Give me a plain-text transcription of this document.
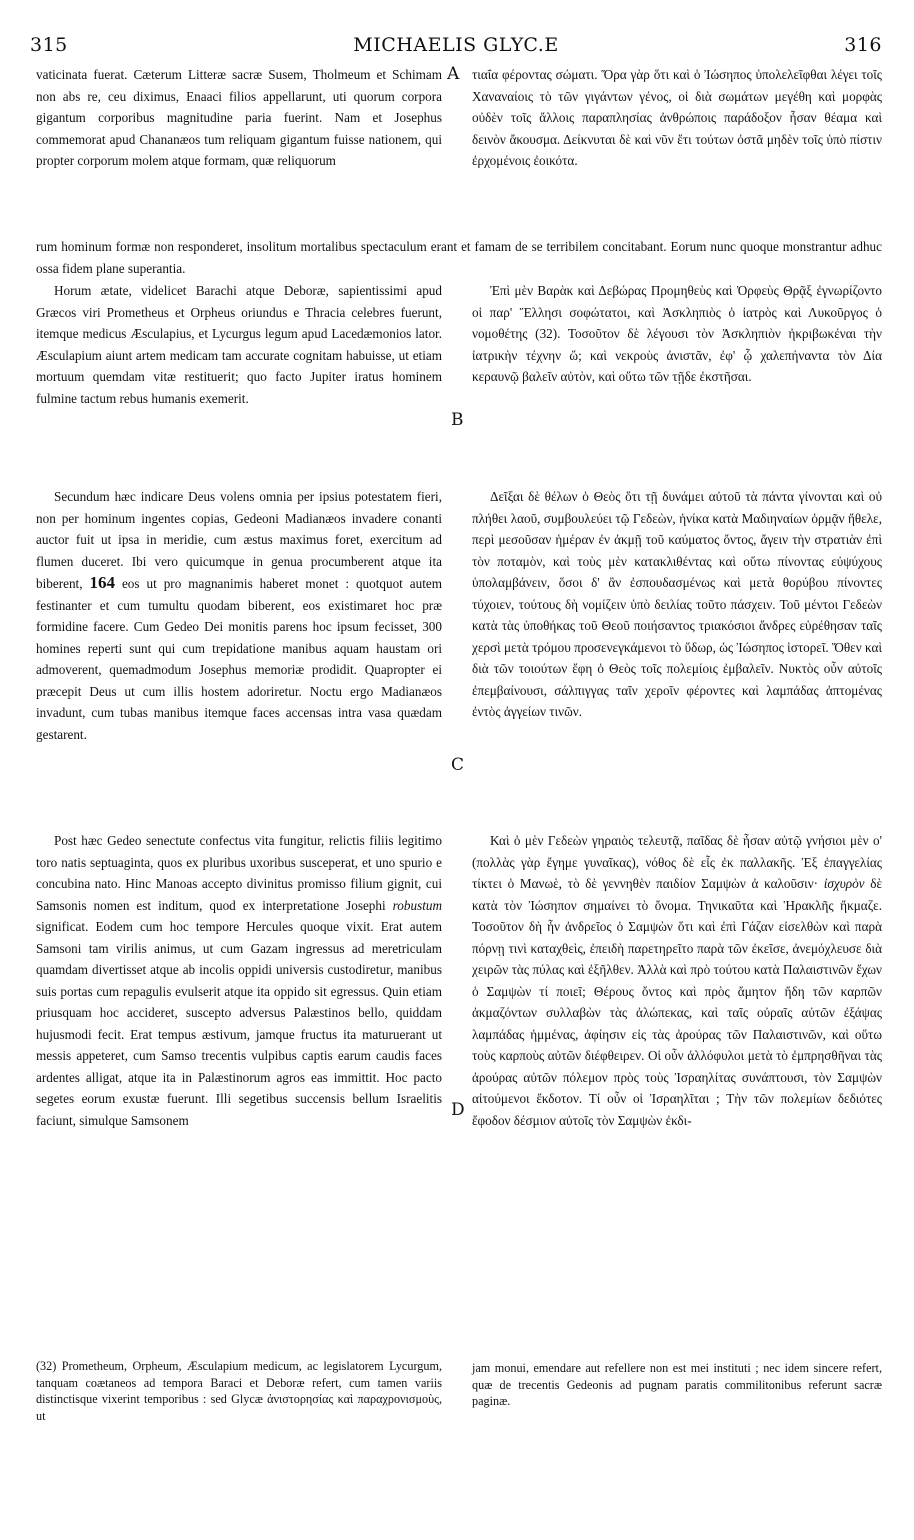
315	MICHAELIS GLYC.E	316

vaticinata fuerat. Cæterum Litteræ sacræ Susem, Tholmeum et Schimam non abs re, ceu diximus, Enaaci filios appellarunt, uti quorum corpora gigantum corporibus magnitudine paria fuerint. Nam et Josephus commemorat apud Chananæos tum reliquam gigantum fuisse nationem, qui propter corporum molem atque formam, quæ reliquorum

A τιαΐα φέροντας σώματι. Ὅρα γὰρ ὅτι καὶ ὁ Ἰώσηπος ὑπολελεῖφθαι λέγει τοῖς Χαναναίοις τὸ τῶν γιγάντων γένος, οἱ διὰ σωμάτων μεγέθη καὶ μορφὰς οὐδὲν τοῖς ἄλλοις παραπλησίας ἀνθρώποις παράδοξον ἦσαν θέαμα καὶ δεινὸν ἄκουσμα. Δείκνυται δὲ καὶ νῦν ἔτι τούτων ὀστᾶ μηδὲν τοῖς ὑπὸ πίστιν ἐρχομένοις ἐοικότα.

rum hominum formæ non responderet, insolitum mortalibus spectaculum erant et famam de se terribilem concitabant. Eorum nunc quoque monstrantur adhuc ossa fidem plane superantia.

Horum ætate, videlicet Barachi atque Deboræ, sapientissimi apud Græcos viri Prometheus et Orpheus oriundus e Thracia celebres fuerunt, itemque medicus Æsculapius, et Lycurgus legum apud Lacedæmonios lator. Æsculapium aiunt artem medicam tam accurate cognitam habuisse, ut etiam mortuum quemdam vitæ restituerit; quo facto Jupiter iratus hominem fulmine tactum rebus humanis exemerit.

B

Ἐπὶ μὲν Βαρὰκ καὶ Δεβώρας Προμηθεὺς καὶ Ὀρφεὺς Θρᾷξ ἐγνωρίζοντο οἱ παρ' Ἕλλησι σοφώτατοι, καὶ Ἀσκληπιὸς ὁ ἰατρὸς καὶ Λυκοῦργος ὁ νομοθέτης (32). Τοσοῦτον δὲ λέγουσι τὸν Ἀσκληπιὸν ἠκριβωκέναι τὴν ἰατρικὴν τέχνην ὥ; καὶ νεκροὺς ἀνιστᾶν, ἐφ' ᾧ χαλεπήναντα τὸν Δία κεραυνῷ βαλεῖν αὐτὸν, καὶ οὕτω τῶν τῇδε ἐκστῆσαι.

Secundum hæc indicare Deus volens omnia per ipsius potestatem fieri, non per hominum ingentes copias, Gedeoni Madianæos invadere conanti auctor fuit ut ipsa in meridie, cum æstus maximus foret, exercitum ad flumen duceret. Ibi vero quicumque in genua procumberent atque ita biberent, 164 eos ut pro magnanimis haberet monet : quotquot autem festinanter et cum tumultu quodam biberent, eos existimaret hoc præ formidine facere. Cum Gedeo Dei monitis parens hoc ipsum fecisset, 300 homines reperti sunt qui cum trepidatione manibus aquam haustam ori admoverent, quemadmodum Josephus memoriæ prodidit. Quapropter ei præcepit Deus ut cum illis hostem adoriretur. Noctu ergo Madianæos invadunt, cum tubas manibus itemque faces accensas intra vasa quædam gestarent.

C

Δεῖξαι δὲ θέλων ὁ Θεὸς ὅτι τῇ δυνάμει αὐτοῦ τὰ πάντα γίνονται καὶ οὐ πλήθει λαοῦ, συμβουλεύει τῷ Γεδεὼν, ἡνίκα κατὰ Μαδιηναίων ὁρμᾷν ἤθελε, περὶ μεσοῦσαν ἡμέραν ἐν ἀκμῇ τοῦ καύματος ὄντος, ἄγειν τὴν στρατιὰν ἐπὶ τὸν ποταμὸν, καὶ τοὺς μὲν κατακλιθέντας καὶ οὕτω πίνοντας εὐψύχους ὑπολαμβάνειν, ὅσοι δ' ἂν ἐσπουδασμένως καὶ μετὰ θορύβου πίνοντες τύχοιεν, τούτους δὴ νομίζειν ὑπὸ δειλίας τοῦτο πάσχειν. Τοῦ μέντοι Γεδεὼν κατὰ τὰς ὑποθήκας τοῦ Θεοῦ ποιήσαντος τριακόσιοι ἄνδρες εὑρέθησαν ταῖς χερσὶ μετὰ τρόμου προσενεγκάμενοι τὸ ὕδωρ, ὡς Ἰώσηπος ἱστορεῖ. Ὅθεν καὶ διὰ τῶν τοιούτων ἔφη ὁ Θεὸς τοῖς πολεμίοις ἐμβαλεῖν. Νυκτὸς οὖν αὐτοῖς ἐπεμβαίνουσι, σάλπιγγας ταῖν χεροῖν φέροντες καὶ λαμπάδας ἀπτομένας ἐντὸς ἀγγείων τινῶν.

Post hæc Gedeo senectute confectus vita fungitur, relictis filiis legitimo toro natis septuaginta, quos ex pluribus uxoribus susceperat, et uno spurio e concubina nato. Hinc Manoas accepto divinitus promisso filium gignit, cui Samsonis nomen est inditum, quod ex interpretatione Josephi robustum significat. Eodem cum hoc tempore Hercules quoque vixit. Erat autem Samsoni tam virilis animus, ut cum Gazam ingressus ad meretriculam quamdam divertisset atque ab incolis oppidi universis custodiretur, manibus suis portas cum repagulis evulserit atque ita oppido sit egressus. Quin etiam priusquam hoc accideret, suscepto adversus Palæstinos bello, quiddam hujusmodi fecit. Erat tempus æstivum, jamque fructus ita maturuerant ut messis appeteret, cum Samso trecentis vulpibus captis earum caudis faces ardentes alligat, atque ita in Palæstinorum agros eas immittit. Hoc pacto segetes eorum exustæ fuerunt. Illi segetibus succensis bellum Israelitis faciunt, simulque Samsonem	D

Καὶ ὁ μὲν Γεδεὼν γηραιὸς τελευτᾷ, παῖδας δὲ ἦσαν αὐτῷ γνήσιοι μὲν ο' (πολλὰς γὰρ ἔγημε γυναῖκας), νόθος δὲ εἷς ἐκ παλλακῆς. Ἐξ ἐπαγγελίας τίκτει ὁ Μανωὲ, τὸ δὲ γεννηθὲν παιδίον Σαμψὼν ἀ καλοῦσιν· ἰσχυρὸν δὲ κατὰ τὸν Ἰώσηπον σημαίνει τὸ ὄνομα. Τηνικαῦτα καὶ Ἡρακλῆς ἤκμαζε. Τοσοῦτον δὴ ἦν ἀνδρεῖος ὁ Σαμψὼν ὅτι καὶ ἐπὶ Γάζαν εἰσελθὼν καὶ παρὰ πόρνῃ τινὶ καταχθεὶς, ἐπειδὴ παρετηρεῖτο παρὰ τῶν ἐκεῖσε, ἀνεμόχλευσε διὰ χειρῶν τὰς πύλας καὶ ἐξῆλθεν. Ἀλλὰ καὶ πρὸ τούτου κατὰ Παλαιστινῶν ἔχων ὁ Σαμψὼν τί ποιεῖ; Θέρους ὄντος καὶ πρὸς ἄμητον ἤδη τῶν καρπῶν ἀκμαζόντων συλλαβὼν τὰς ἀλώπεκας, καὶ ταῖς οὐραῖς αὐτῶν ἐξάψας λαμπάδας ἡμμένας, ἀφίησιν εἰς τὰς ἀρούρας τῶν Παλαιστινῶν, καὶ οὕτω τοὺς καρποὺς αὐτῶν διέφθειρεν. Οἱ οὖν ἀλλόφυλοι μετὰ τὸ ἐμπρησθῆναι τὰς ἀρούρας αὐτῶν πόλεμον πρὸς τοὺς Ἰσραηλίτας συνάπτουσι, τὸν Σαμψὼν αἰτούμενοι ἔκδοτον. Τί οὖν οἱ Ἰσραηλῖται ; Τὴν τῶν πολεμίων δεδιότες ἔφοδον δέσμιον αὐτοῖς τὸν Σαμψὼν ἐκδι-

(32) Prometheum, Orpheum, Æsculapium medicum, ac legislatorem Lycurgum, tanquam coætaneos ad tempora Baraci et Deboræ refert, cum tamen variis distinctisque vixerint temporibus : sed Glycæ ἀνιστορησίας καὶ παραχρονισμοὺς, ut

jam monui, emendare aut refellere non est mei instituti ; nec idem sincere refert, quæ de trecentis Gedeonis ad pugnam paratis commilitonibus referunt sacræ paginæ.
